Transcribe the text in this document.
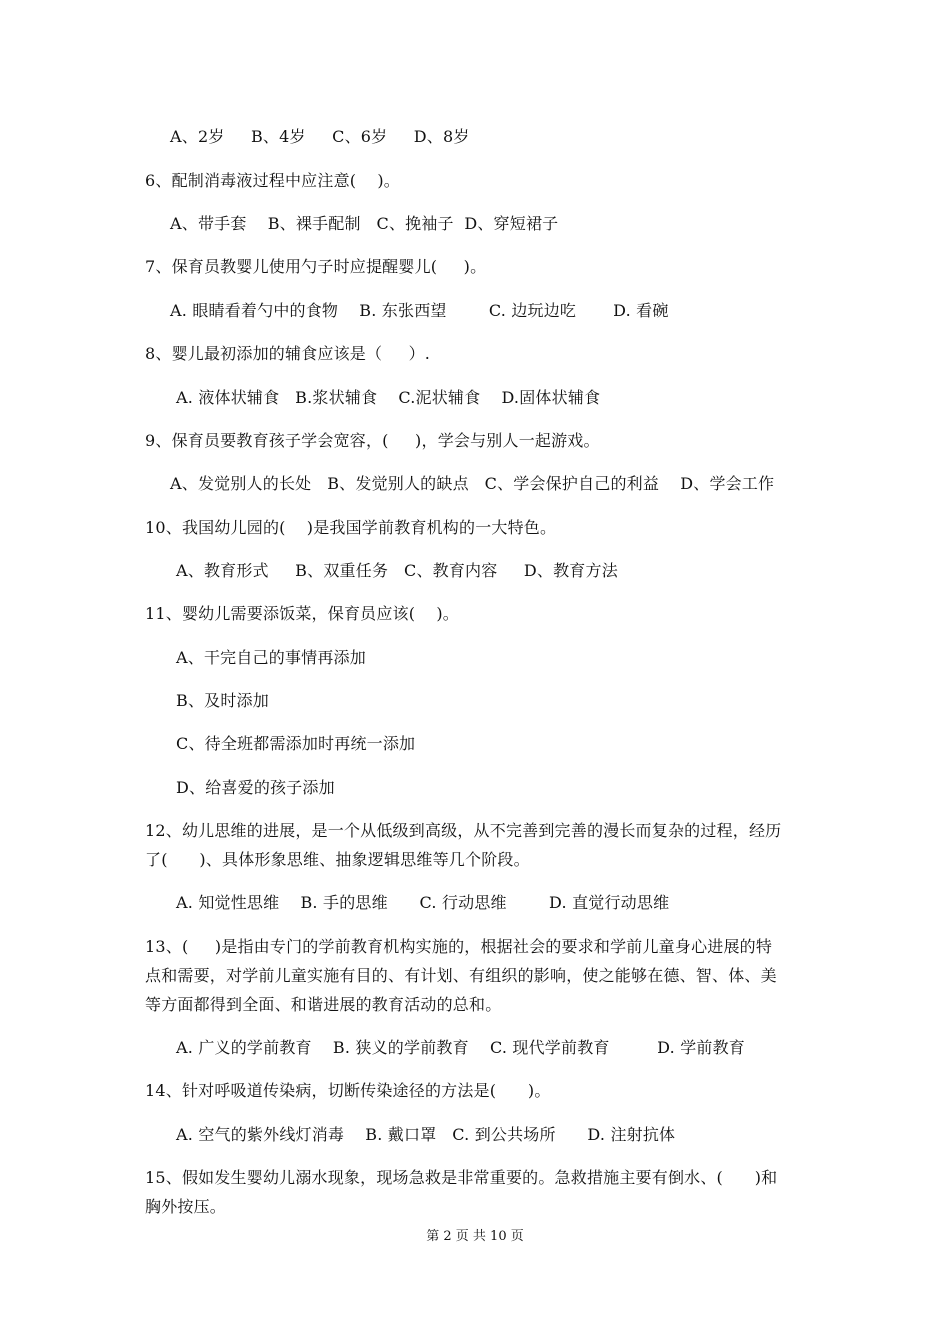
A、2岁     B、4岁     C、6岁     D、8岁
6、配制消毒液过程中应注意(    )。
A、带手套    B、裸手配制   C、挽袖子  D、穿短裙子
7、保育员教婴儿使用勺子时应提醒婴儿(     )。
A. 眼睛看着勺中的食物    B. 东张西望        C. 边玩边吃       D. 看碗
8、婴儿最初添加的辅食应该是（     ）.
A. 液体状辅食   B.浆状辅食    C.泥状辅食    D.固体状辅食
9、保育员要教育孩子学会宽容，(     )，学会与别人一起游戏。
A、发觉别人的长处   B、发觉别人的缺点   C、学会保护自己的利益    D、学会工作
10、我国幼儿园的(    )是我国学前教育机构的一大特色。
A、教育形式     B、双重任务   C、教育内容     D、教育方法
11、婴幼儿需要添饭菜，保育员应该(    )。
A、干完自己的事情再添加
B、及时添加
C、待全班都需添加时再统一添加
D、给喜爱的孩子添加
12、幼儿思维的进展，是一个从低级到高级，从不完善到完善的漫长而复杂的过程，经历
了(      )、具体形象思维、抽象逻辑思维等几个阶段。
A. 知觉性思维    B. 手的思维      C. 行动思维        D. 直觉行动思维
13、(     )是指由专门的学前教育机构实施的，根据社会的要求和学前儿童身心进展的特
点和需要，对学前儿童实施有目的、有计划、有组织的影响，使之能够在德、智、体、美
等方面都得到全面、和谐进展的教育活动的总和。
A. 广义的学前教育    B. 狭义的学前教育    C. 现代学前教育         D. 学前教育
14、针对呼吸道传染病，切断传染途径的方法是(      )。
A. 空气的紫外线灯消毒    B. 戴口罩   C. 到公共场所      D. 注射抗体
15、假如发生婴幼儿溺水现象，现场急救是非常重要的。急救措施主要有倒水、(      )和
胸外按压。
第 2 页 共 10 页
